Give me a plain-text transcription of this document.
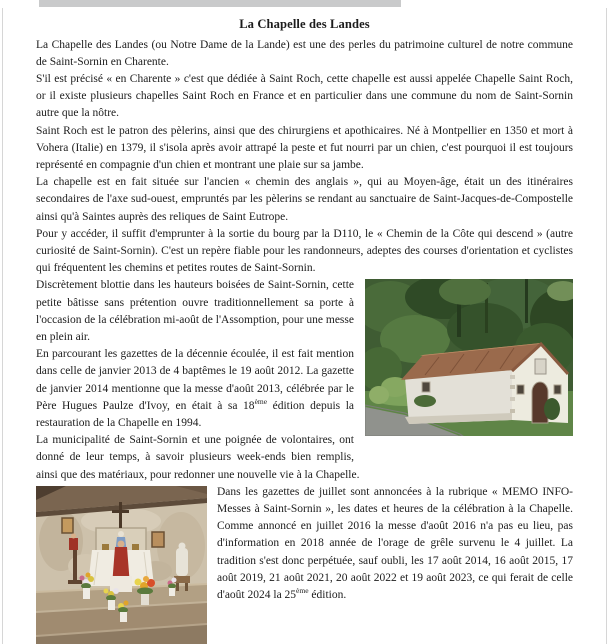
La Chapelle des Landes

La Chapelle des Landes (ou Notre Dame de la Lande) est une des perles du patrimoine culturel de notre commune de Saint-Sornin en Charente.

S'il est précisé « en Charente » c'est que dédiée à Saint Roch, cette chapelle est aussi appelée Chapelle Saint Roch, or il existe plusieurs chapelles Saint Roch en France et en particulier dans une commune du nom de Saint-Sornin autre que la nôtre.

Saint Roch est le patron des pèlerins, ainsi que des chirurgiens et apothicaires. Né à Montpellier en 1350 et mort à Vohera (Italie) en 1379, il s'isola après avoir attrapé la peste et fut nourri par un chien, c'est pourquoi il est toujours représenté en compagnie d'un chien et montrant une plaie sur sa jambe.

La chapelle est en fait située sur l'ancien « chemin des anglais », qui au Moyen-âge, était un des itinéraires secondaires de l'axe sud-ouest, empruntés par les pèlerins se rendant au sanctuaire de Saint-Jacques-de-Compostelle ainsi qu'à Saintes auprès des reliques de Saint Eutrope.

Pour y accéder, il suffit d'emprunter à la sortie du bourg par la D110, le « Chemin de la Côte qui descend » (autre curiosité de Saint-Sornin). C'est un repère fiable pour les randonneurs, adeptes des courses d'orientation et cyclistes qui fréquentent les chemins et petites routes de Saint-Sornin.

Discrètement blottie dans les hauteurs boisées de Saint-Sornin, cette petite bâtisse sans prétention ouvre traditionnellement sa porte à l'occasion de la célébration mi-août de l'Assomption, pour une messe en plein air.

En parcourant les gazettes de la décennie écoulée, il est fait mention dans celle de janvier 2013 de 4 baptêmes le 19 août 2012. La gazette de janvier 2014 mentionne que la messe d'août 2013, célébrée par le Père Hugues Paulze d'Ivoy, en était à sa 18ème édition depuis la restauration de la Chapelle en 1994.

La municipalité de Saint-Sornin et une poignée de volontaires, ont donné de leur temps, à savoir plusieurs week-ends bien remplis, ainsi que des matériaux, pour redonner une nouvelle vie à la Chapelle.

Dans les gazettes de juillet sont annoncées à la rubrique « MEMO INFO-Messes à Saint-Sornin », les dates et heures de la célébration à la Chapelle. Comme annoncé en juillet 2016 la messe d'août 2016 n'a pas eu lieu, pas d'information en 2018 année de l'orage de grêle survenu le 4 juillet. La tradition s'est donc perpétuée, sauf oubli, les 17 août 2014, 16 août 2015, 17 août 2019, 21 août 2021, 20 août 2022 et 19 août 2023, ce qui ferait de celle d'août 2024 la 25ème édition.
